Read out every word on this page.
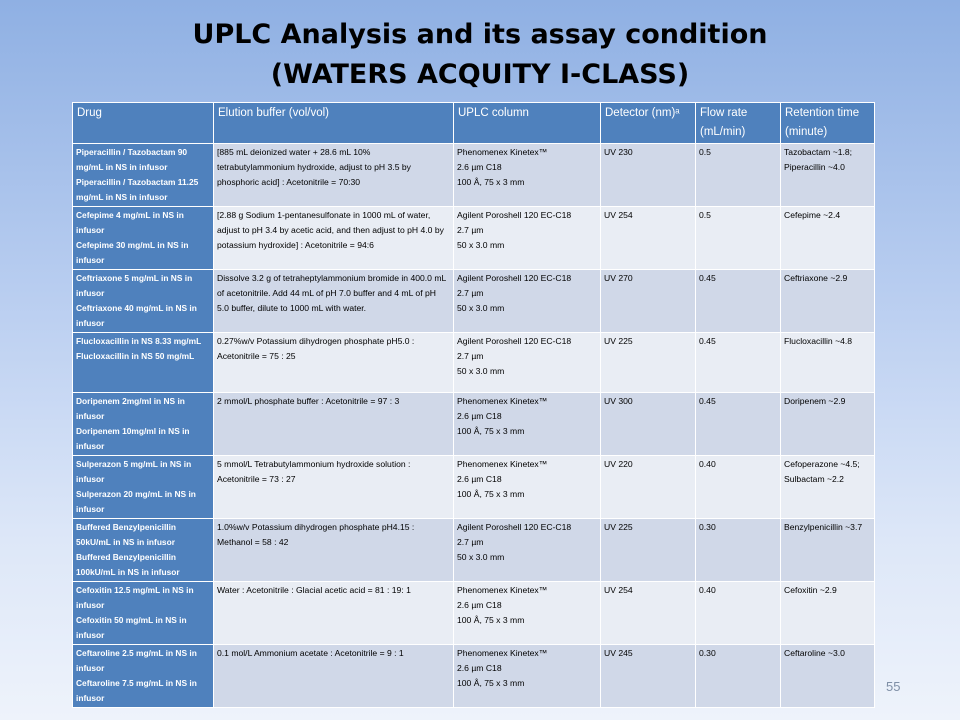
UPLC Analysis and its assay condition
(WATERS ACQUITY I-CLASS)
Drug	Elution buffer (vol/vol)	UPLC column	Detector (nm)ᵃ	Flow rate
(mL/min)	Retention time
(minute)

Piperacillin / Tazobactam 90 mg/mL in NS in infusor
Piperacillin / Tazobactam 11.25 mg/mL in NS in infusor	[885 mL deionized water + 28.6 mL 10% tetrabutylammonium hydroxide, adjust to pH 3.5 by phosphoric acid] : Acetonitrile = 70:30	Phenomenex Kinetex™
2.6 µm C18
100 Å, 75 x 3 mm	UV 230	0.5	Tazobactam ~1.8;
Piperacillin ~4.0

Cefepime 4 mg/mL in NS in infusor
Cefepime 30 mg/mL in NS in infusor	[2.88 g Sodium 1-pentanesulfonate in 1000 mL of water, adjust to pH 3.4 by acetic acid, and then adjust to pH 4.0 by potassium hydroxide] : Acetonitrile = 94:6	Agilent Poroshell 120 EC-C18
2.7 µm
50 x 3.0 mm	UV 254	0.5	Cefepime ~2.4

Ceftriaxone 5 mg/mL in NS in infusor
Ceftriaxone 40 mg/mL in NS in infusor	Dissolve 3.2 g of tetraheptylammonium bromide in 400.0 mL of acetonitrile. Add 44 mL of pH 7.0 buffer and 4 mL of pH 5.0 buffer, dilute to 1000 mL with water.	Agilent Poroshell 120 EC-C18
2.7 µm
50 x 3.0 mm	UV 270	0.45	Ceftriaxone ~2.9

Flucloxacillin in NS 8.33 mg/mL
Flucloxacillin in NS 50 mg/mL	0.27%w/v Potassium dihydrogen phosphate pH5.0 : Acetonitrile = 75 : 25	Agilent Poroshell 120 EC-C18
2.7 µm
50 x 3.0 mm	UV 225	0.45	Flucloxacillin ~4.8

Doripenem 2mg/ml in NS in infusor
Doripenem 10mg/ml in NS in infusor	2 mmol/L phosphate buffer : Acetonitrile = 97 : 3	Phenomenex Kinetex™
2.6 µm C18
100 Å, 75 x 3 mm	UV 300	0.45	Doripenem ~2.9

Sulperazon 5 mg/mL in NS in infusor
Sulperazon 20 mg/mL in NS in infusor	5 mmol/L Tetrabutylammonium hydroxide solution : Acetonitrile = 73 : 27	Phenomenex Kinetex™
2.6 µm C18
100 Å, 75 x 3 mm	UV 220	0.40	Cefoperazone ~4.5;
Sulbactam ~2.2

Buffered Benzylpenicillin 50kU/mL in NS in infusor
Buffered Benzylpenicillin 100kU/mL in NS in infusor	1.0%w/v Potassium dihydrogen phosphate pH4.15 : Methanol = 58 : 42	Agilent Poroshell 120 EC-C18
2.7 µm
50 x 3.0 mm	UV 225	0.30	Benzylpenicillin ~3.7

Cefoxitin 12.5 mg/mL in NS in infusor
Cefoxitin 50 mg/mL in NS in infusor	Water : Acetonitrile : Glacial acetic acid = 81 : 19: 1	Phenomenex Kinetex™
2.6 µm C18
100 Å, 75 x 3 mm	UV 254	0.40	Cefoxitin ~2.9

Ceftaroline 2.5 mg/mL in NS in infusor
Ceftaroline 7.5 mg/mL in NS in infusor	0.1 mol/L Ammonium acetate : Acetonitrile = 9 : 1	Phenomenex Kinetex™
2.6 µm C18
100 Å, 75 x 3 mm	UV 245	0.30	Ceftaroline ~3.0
55
